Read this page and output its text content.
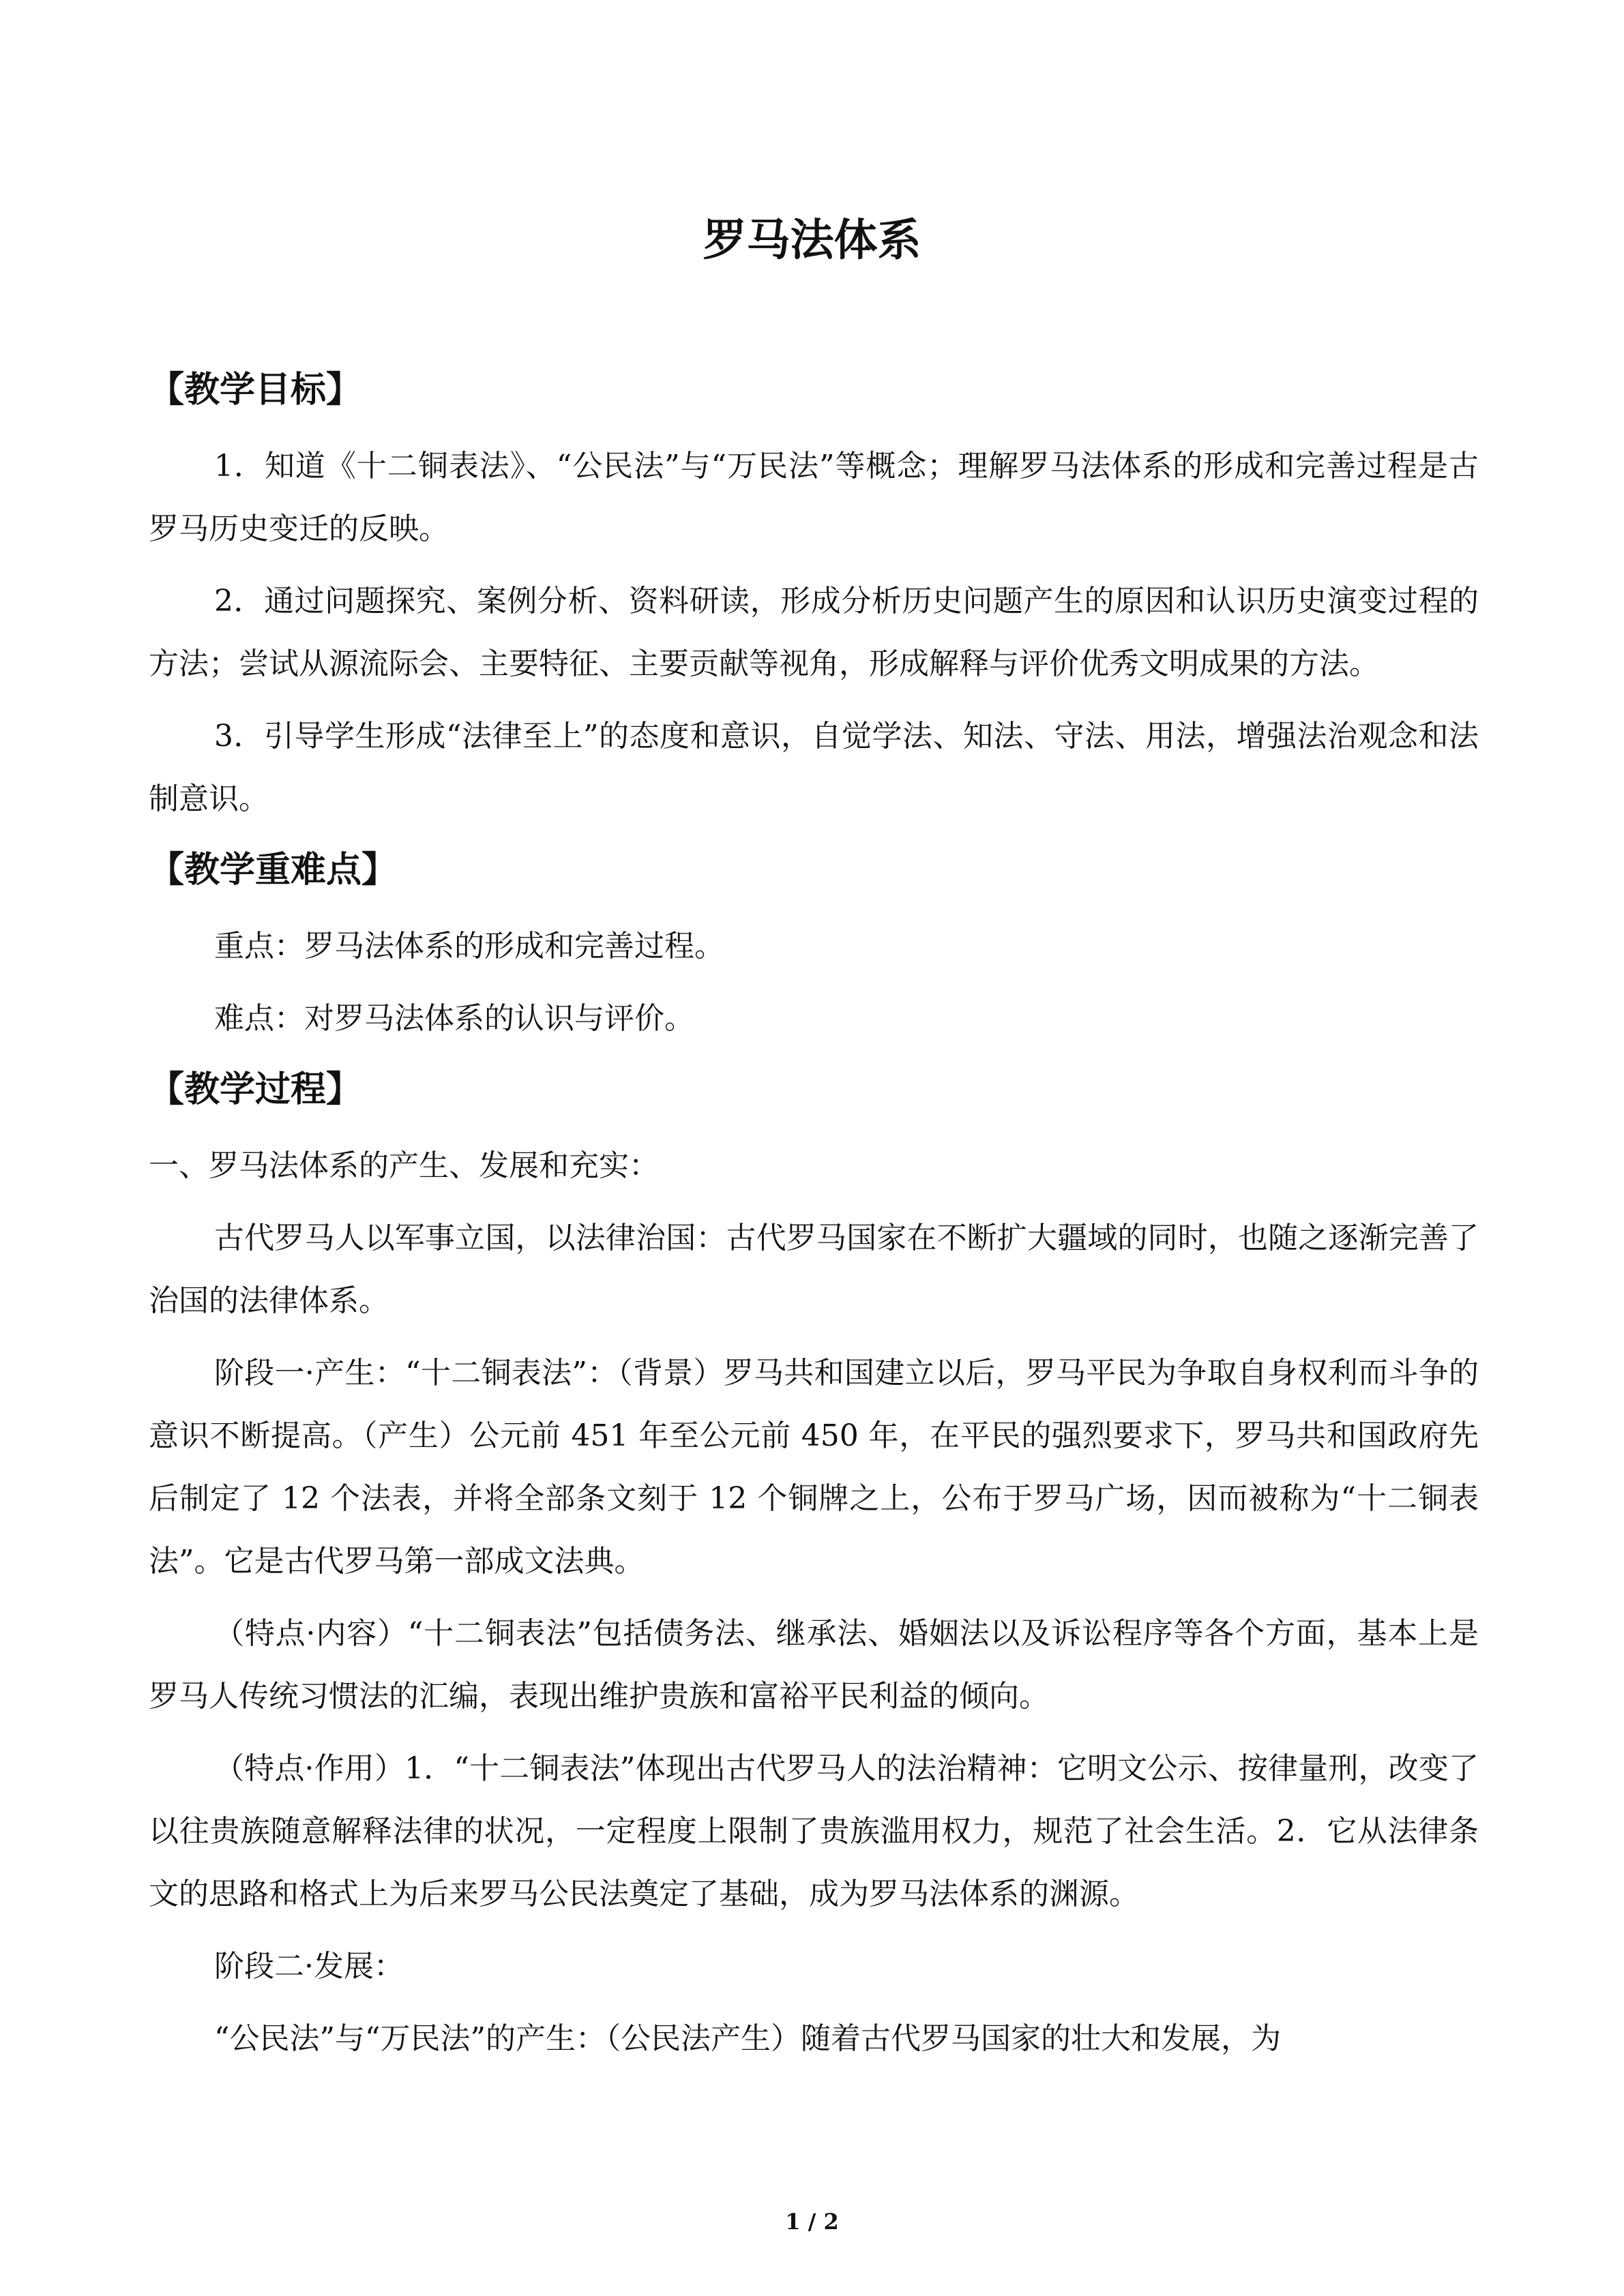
罗马法体系
【教学目标】

1．知道《十二铜表法》、“公民法”与“万民法”等概念；理解罗马法体系的形成和完善过程是古罗马历史变迁的反映。

2．通过问题探究、案例分析、资料研读，形成分析历史问题产生的原因和认识历史演变过程的方法；尝试从源流际会、主要特征、主要贡献等视角，形成解释与评价优秀文明成果的方法。

3．引导学生形成“法律至上”的态度和意识，自觉学法、知法、守法、用法，增强法治观念和法制意识。

【教学重难点】

重点：罗马法体系的形成和完善过程。

难点：对罗马法体系的认识与评价。

【教学过程】

一、罗马法体系的产生、发展和充实：

古代罗马人以军事立国，以法律治国：古代罗马国家在不断扩大疆域的同时，也随之逐渐完善了治国的法律体系。

阶段一·产生：“十二铜表法”：（背景）罗马共和国建立以后，罗马平民为争取自身权利而斗争的意识不断提高。（产生）公元前 451 年至公元前 450 年，在平民的强烈要求下，罗马共和国政府先后制定了 12 个法表，并将全部条文刻于 12 个铜牌之上，公布于罗马广场，因而被称为“十二铜表法”。它是古代罗马第一部成文法典。

（特点·内容）“十二铜表法”包括债务法、继承法、婚姻法以及诉讼程序等各个方面，基本上是罗马人传统习惯法的汇编，表现出维护贵族和富裕平民利益的倾向。

（特点·作用）1．“十二铜表法”体现出古代罗马人的法治精神：它明文公示、按律量刑，改变了以往贵族随意解释法律的状况，一定程度上限制了贵族滥用权力，规范了社会生活。2．它从法律条文的思路和格式上为后来罗马公民法奠定了基础，成为罗马法体系的渊源。

阶段二·发展：

“公民法”与“万民法”的产生：（公民法产生）随着古代罗马国家的壮大和发展，为

1 / 2
